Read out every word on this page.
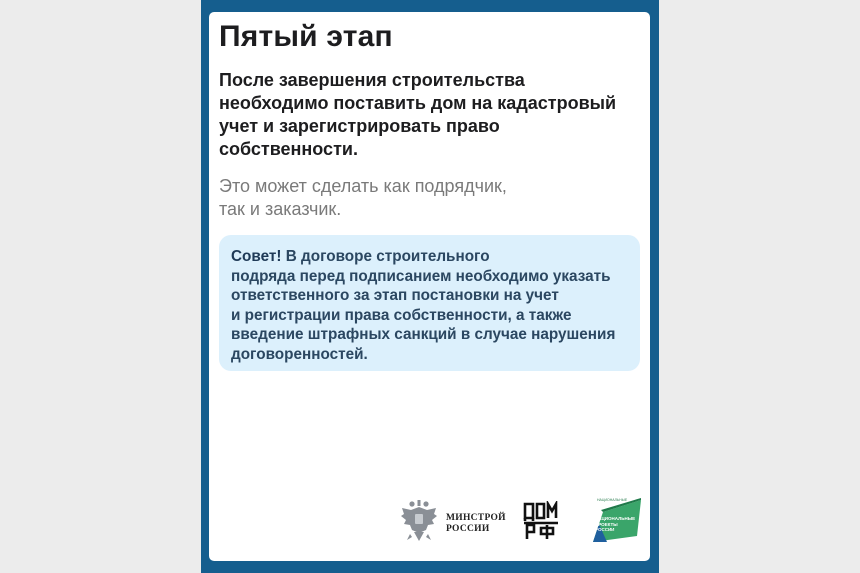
Пятый этап

После завершения строительства
необходимо поставить дом на кадастровый
учет и зарегистрировать право
собственности.

Это может сделать как подрядчик,
так и заказчик.

Совет! В договоре строительного
подряда перед подписанием необходимо указать
ответственного за этап постановки на учет
и регистрации права собственности, а также
введение штрафных санкций в случае нарушения
договоренностей.
МИНСТРОЙ
РОССИИ
НАЦИОНАЛЬНЫЕ
ПРОЕКТЫ
РОССИИ
НАЦИОНАЛЬНЫЕ
